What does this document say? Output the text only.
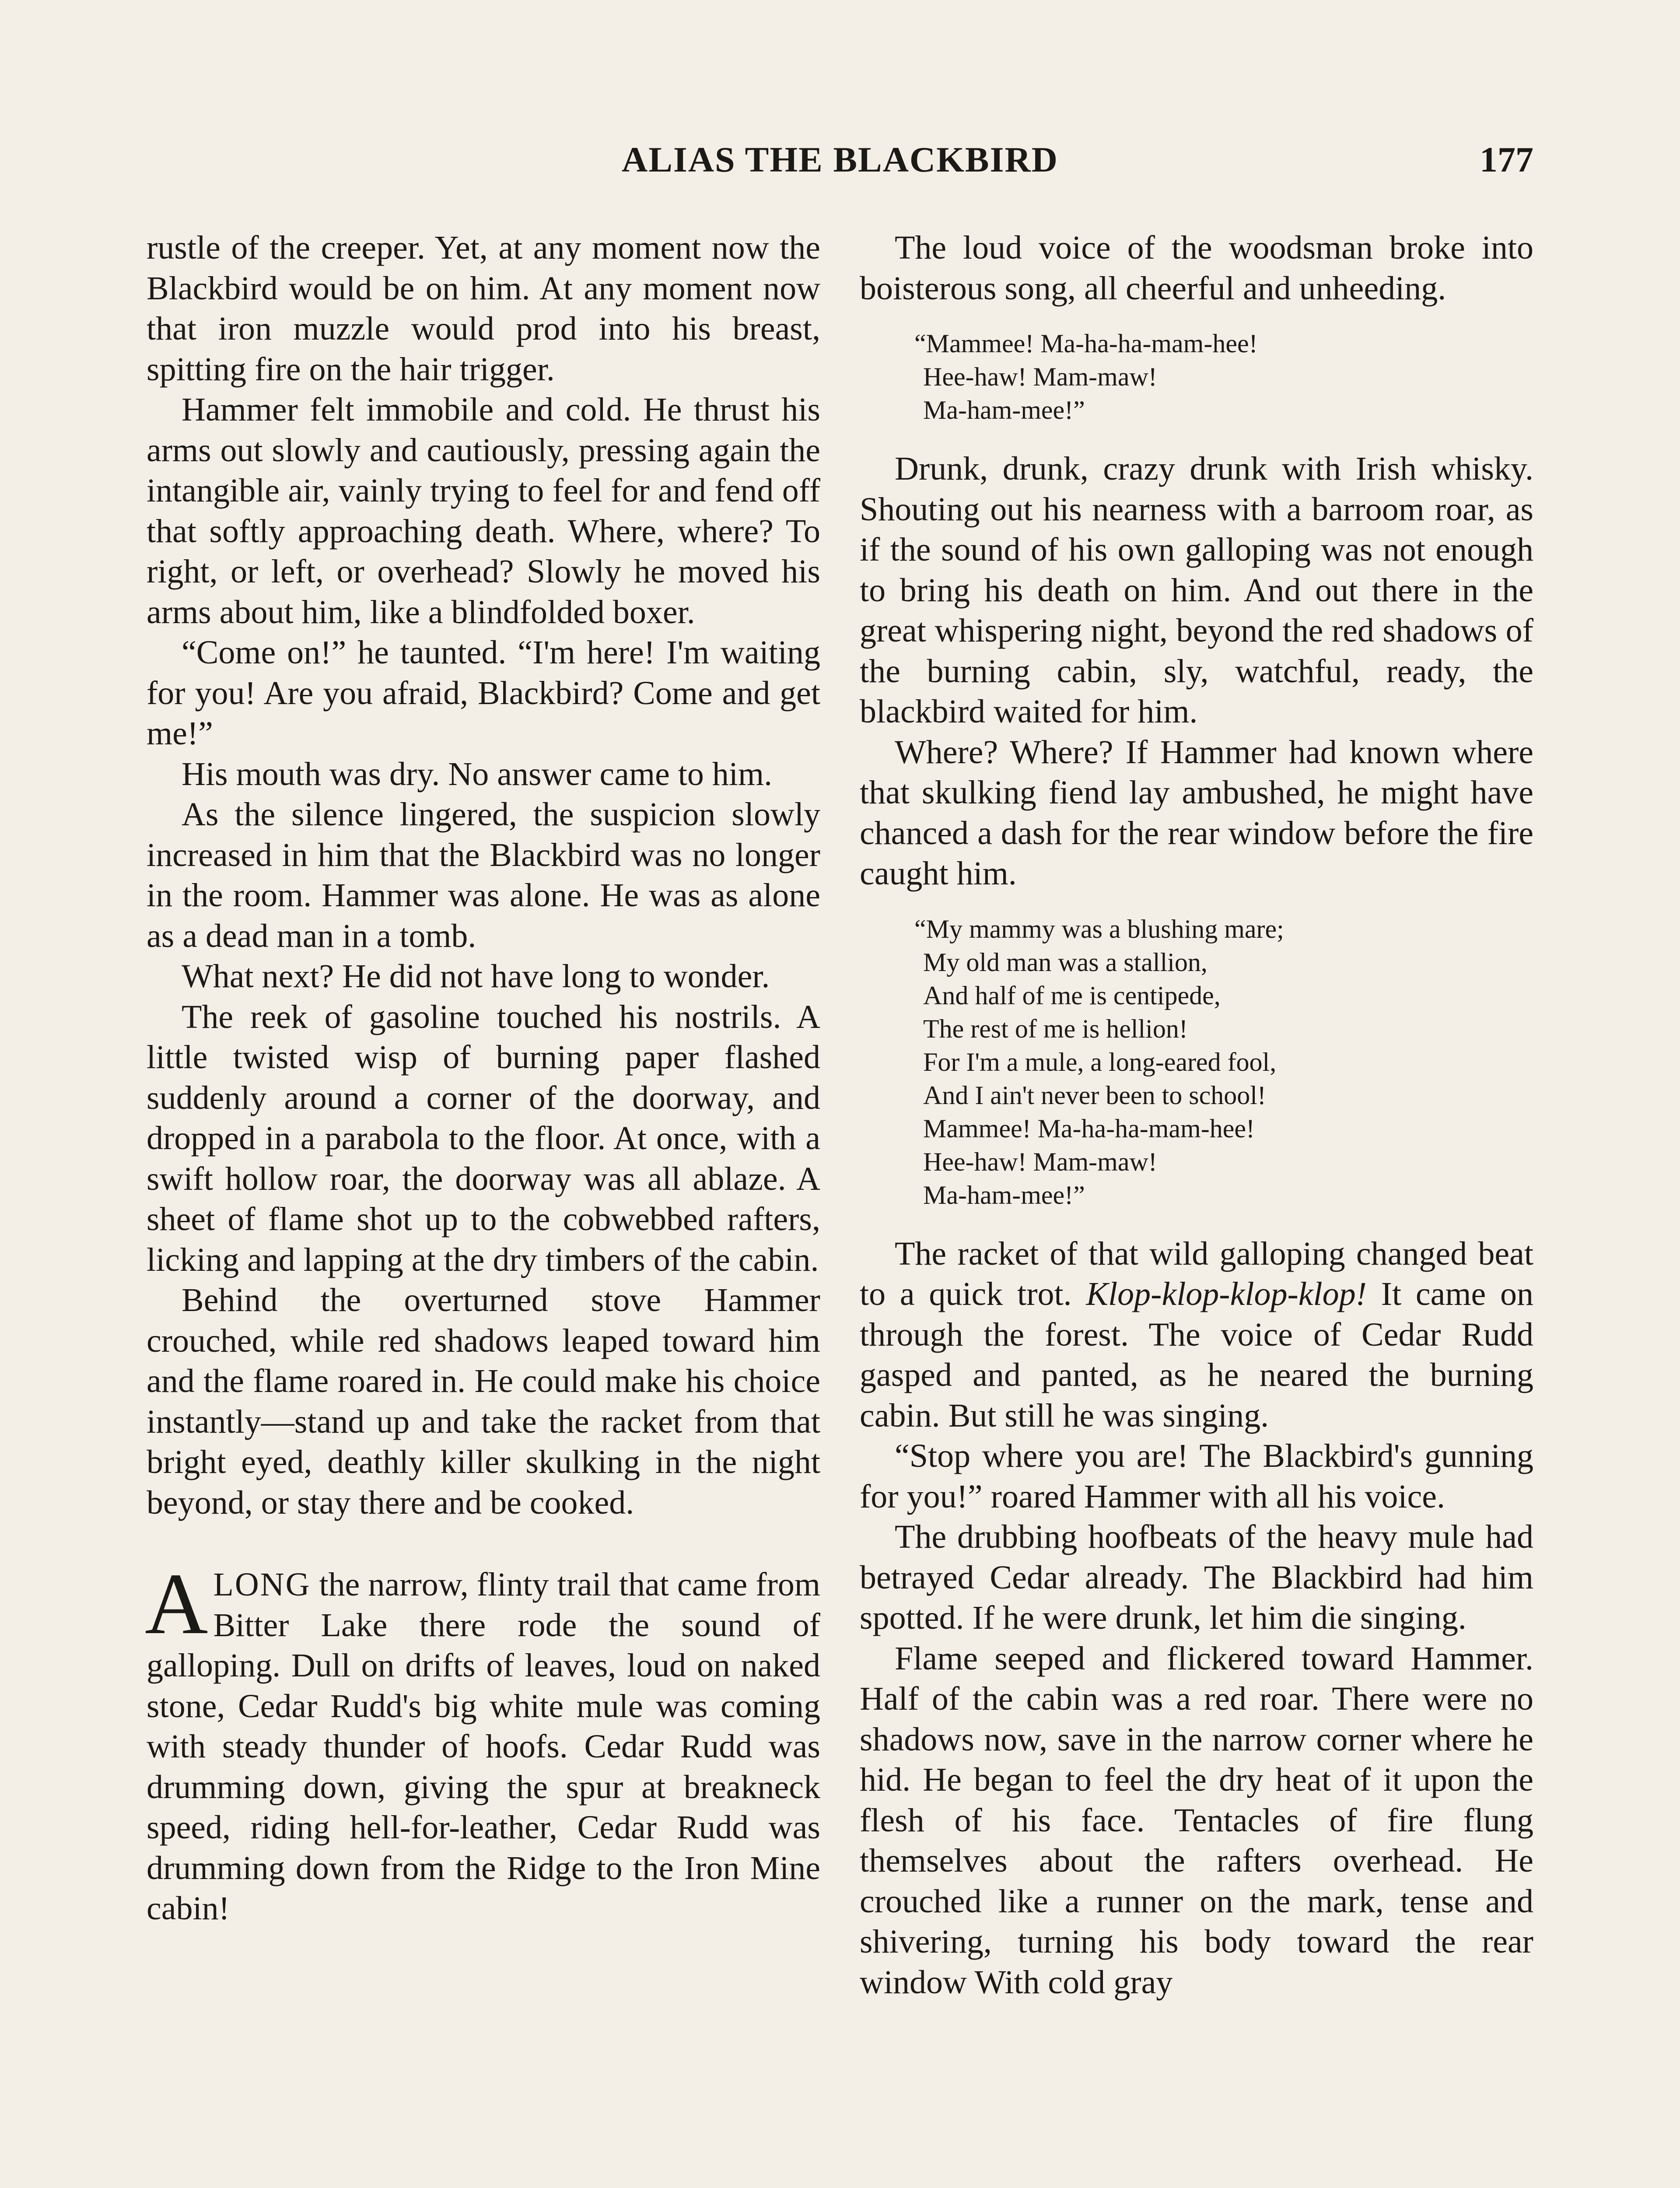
ALIAS THE BLACKBIRD	177

rustle of the creeper. Yet, at any moment now the Blackbird would be on him. At any moment now that iron muzzle would prod into his breast, spitting fire on the hair trigger.

Hammer felt immobile and cold. He thrust his arms out slowly and cautiously, pressing again the intangible air, vainly trying to feel for and fend off that softly approaching death. Where, where? To right, or left, or overhead? Slowly he moved his arms about him, like a blindfolded boxer.

“Come on!” he taunted. “I'm here! I'm waiting for you! Are you afraid, Blackbird? Come and get me!”

His mouth was dry. No answer came to him.

As the silence lingered, the suspicion slowly increased in him that the Blackbird was no longer in the room. Hammer was alone. He was as alone as a dead man in a tomb.

What next? He did not have long to wonder.

The reek of gasoline touched his nostrils. A little twisted wisp of burning paper flashed suddenly around a corner of the doorway, and dropped in a parabola to the floor. At once, with a swift hollow roar, the doorway was all ablaze. A sheet of flame shot up to the cobwebbed rafters, licking and lapping at the dry timbers of the cabin.

Behind the overturned stove Hammer crouched, while red shadows leaped toward him and the flame roared in. He could make his choice instantly—stand up and take the racket from that bright eyed, deathly killer skulking in the night beyond, or stay there and be cooked.

ALONG the narrow, flinty trail that came from Bitter Lake there rode the sound of galloping. Dull on drifts of leaves, loud on naked stone, Cedar Rudd's big white mule was coming with steady thunder of hoofs. Cedar Rudd was drumming down, giving the spur at breakneck speed, riding hell-for-leather, Cedar Rudd was drumming down from the Ridge to the Iron Mine cabin!

The loud voice of the woodsman broke into boisterous song, all cheerful and unheeding.

“Mammee! Ma-ha-ha-mam-hee!
Hee-haw! Mam-maw!
Ma-ham-mee!”

Drunk, drunk, crazy drunk with Irish whisky. Shouting out his nearness with a barroom roar, as if the sound of his own galloping was not enough to bring his death on him. And out there in the great whispering night, beyond the red shadows of the burning cabin, sly, watchful, ready, the blackbird waited for him.

Where? Where? If Hammer had known where that skulking fiend lay ambushed, he might have chanced a dash for the rear window before the fire caught him.

“My mammy was a blushing mare;
My old man was a stallion,
And half of me is centipede,
The rest of me is hellion!
For I'm a mule, a long-eared fool,
And I ain't never been to school!
Mammee! Ma-ha-ha-mam-hee!
Hee-haw! Mam-maw!
Ma-ham-mee!”

The racket of that wild galloping changed beat to a quick trot. Klop-klop-klop-klop! It came on through the forest. The voice of Cedar Rudd gasped and panted, as he neared the burning cabin. But still he was singing.

“Stop where you are! The Blackbird's gunning for you!” roared Hammer with all his voice.

The drubbing hoofbeats of the heavy mule had betrayed Cedar already. The Blackbird had him spotted. If he were drunk, let him die singing.

Flame seeped and flickered toward Hammer. Half of the cabin was a red roar. There were no shadows now, save in the narrow corner where he hid. He began to feel the dry heat of it upon the flesh of his face. Tentacles of fire flung themselves about the rafters overhead. He crouched like a runner on the mark, tense and shivering, turning his body toward the rear window With cold gray
